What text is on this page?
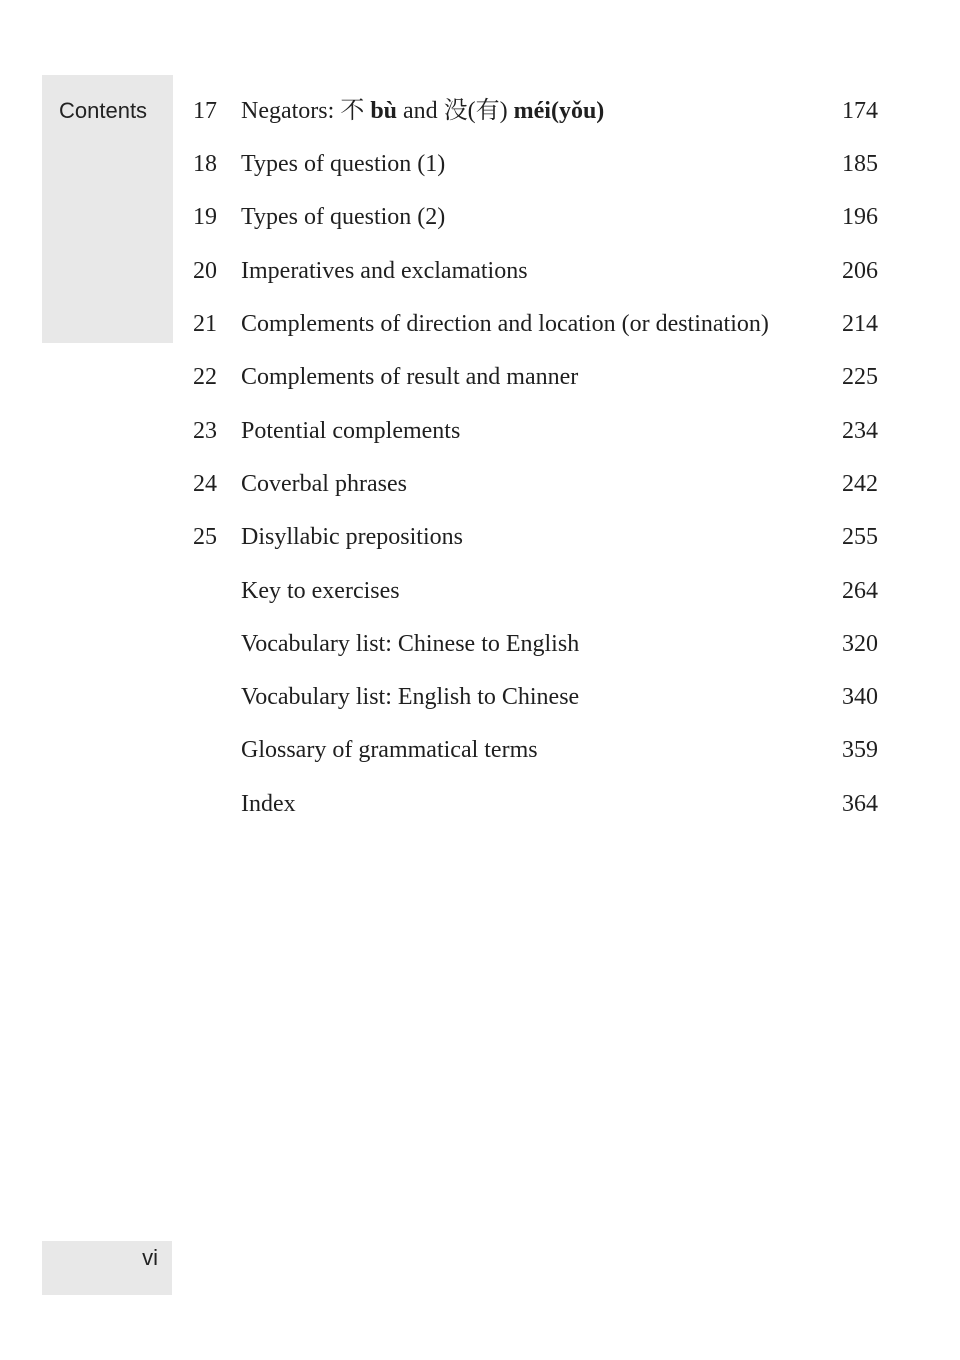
Contents	17 Negators: 不 bù and 没(有) méi(yǒu)	174
18 Types of question (1)	185
19 Types of question (2)	196
20 Imperatives and exclamations	206
21 Complements of direction and location (or destination)	214
22 Complements of result and manner	225
23 Potential complements	234
24 Coverbal phrases	242
25 Disyllabic prepositions	255
Key to exercises	264
Vocabulary list: Chinese to English	320
Vocabulary list: English to Chinese	340
Glossary of grammatical terms	359
Index	364
vi
